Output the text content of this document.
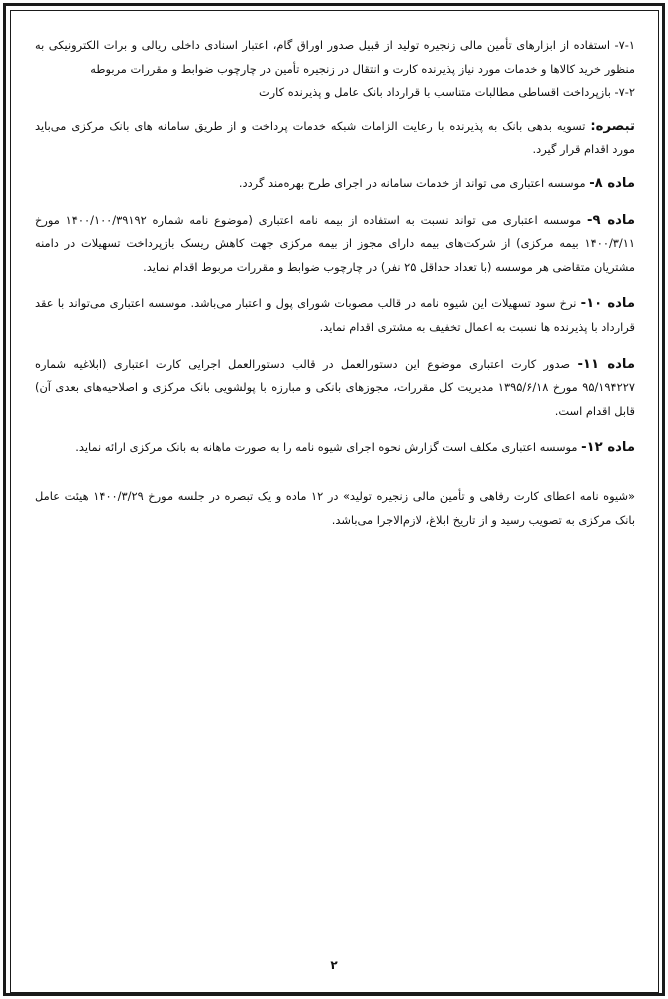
۷-۱- استفاده از ابزارهای تأمین مالی زنجیره تولید از قبیل صدور اوراق گام، اعتبار اسنادی داخلی ریالی و برات الکترونیکی به منظور خرید کالاها و خدمات مورد نیاز پذیرنده کارت و انتقال در زنجیره تأمین در چارچوب ضوابط و مقررات مربوطه

۷-۲- بازپرداخت اقساطی مطالبات متناسب با قرارداد بانک عامل و پذیرنده کارت

تبصره: تسویه بدهی بانک به پذیرنده با رعایت الزامات شبکه خدمات پرداخت و از طریق سامانه های بانک مرکزی می‌باید مورد اقدام قرار گیرد.

ماده ۸- موسسه اعتباری می تواند از خدمات سامانه در اجرای طرح بهره‌مند گردد.

ماده ۹- موسسه اعتباری می تواند نسبت به استفاده از بیمه نامه اعتباری (موضوع نامه شماره ۱۴۰۰/۱۰۰/۳۹۱۹۲ مورخ ۱۴۰۰/۳/۱۱ بیمه مرکزی) از شرکت‌های بیمه دارای مجوز از بیمه مرکزی جهت کاهش ریسک بازپرداخت تسهیلات در دامنه مشتریان متقاضی هر موسسه (با تعداد حداقل ۲۵ نفر) در چارچوب ضوابط و مقررات مربوط اقدام نماید.

ماده ۱۰- نرخ سود تسهیلات این شیوه نامه در قالب مصوبات شورای پول و اعتبار می‌باشد. موسسه اعتباری می‌تواند با عقد قرارداد با پذیرنده ها نسبت به اعمال تخفیف به مشتری اقدام نماید.

ماده ۱۱- صدور کارت اعتباری موضوع این دستورالعمل در قالب دستورالعمل اجرایی کارت اعتباری (ابلاغیه شماره ۹۵/۱۹۴۲۲۷ مورخ ۱۳۹۵/۶/۱۸ مدیریت کل مقررات، مجوزهای بانکی و مبارزه با پولشویی بانک مرکزی و اصلاحیه‌های بعدی آن) قابل اقدام است.

ماده ۱۲- موسسه اعتباری مکلف است گزارش نحوه اجرای شیوه نامه را به صورت ماهانه به بانک مرکزی ارائه نماید.

«شیوه نامه اعطای کارت رفاهی و تأمین مالی زنجیره تولید» در ۱۲ ماده و یک تبصره در جلسه مورخ ۱۴۰۰/۳/۲۹ هیئت عامل بانک مرکزی به تصویب رسید و از تاریخ ابلاغ، لازم‌الاجرا می‌باشد.

۲
